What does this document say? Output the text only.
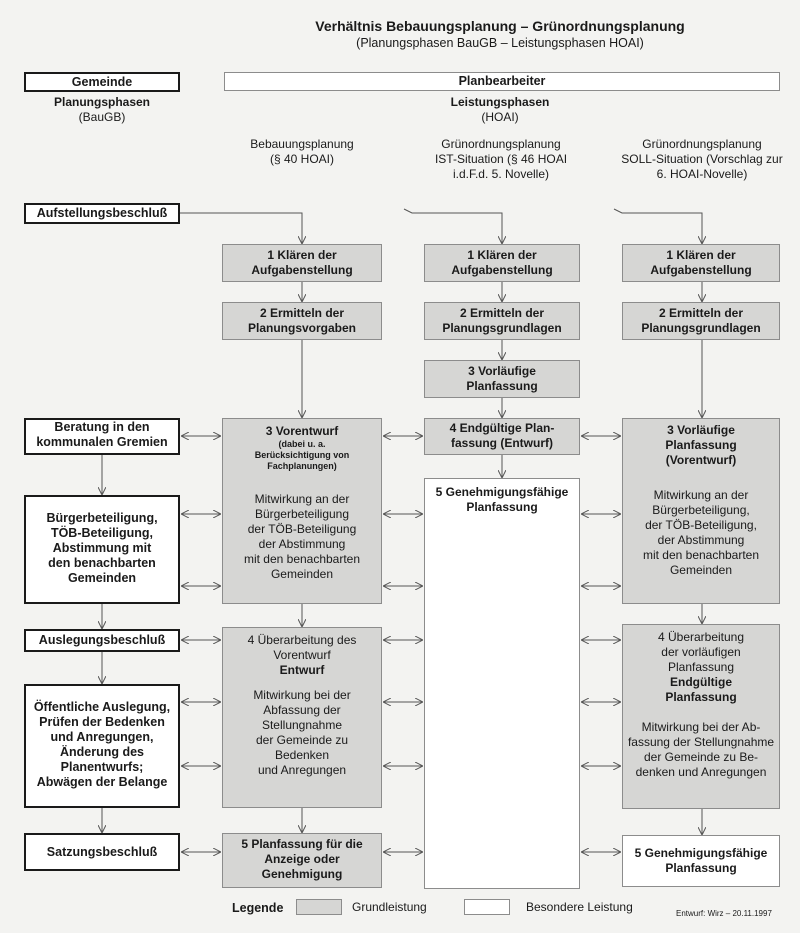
Verhältnis Bebauungsplanung – Grünordnungsplanung
(Planungsphasen BauGB – Leistungsphasen HOAI)
Gemeinde	Planbearbeiter
Planungsphasen
(BauGB)
Leistungsphasen
(HOAI)
Bebauungsplanung
(§ 40 HOAI)
Grünordnungsplanung
IST-Situation (§ 46 HOAI
i.d.F.d. 5. Novelle)
Grünordnungsplanung
SOLL-Situation (Vorschlag zur
6. HOAI-Novelle)
Aufstellungsbeschluß
Beratung in den
kommunalen Gremien
Bürgerbeteiligung,
TÖB-Beteiligung,
Abstimmung mit
den benachbarten
Gemeinden
Auslegungsbeschluß
Öffentliche Auslegung,
Prüfen der Bedenken
und Anregungen,
Änderung des
Planentwurfs;
Abwägen der Belange
Satzungsbeschluß
1 Klären der
Aufgabenstellung
2 Ermitteln der
Planungsvorgaben
3 Vorentwurf
(dabei u. a.
Berücksichtigung von
Fachplanungen)
Mitwirkung an der
Bürgerbeteiligung
der TÖB-Beteiligung
der Abstimmung
mit den benachbarten
Gemeinden
4 Überarbeitung des
Vorentwurf
Entwurf
Mitwirkung bei der
Abfassung der
Stellungnahme
der Gemeinde zu
Bedenken
und Anregungen
5 Planfassung für die
Anzeige oder
Genehmigung
1 Klären der
Aufgabenstellung
2 Ermitteln der
Planungsgrundlagen
3 Vorläufige
Planfassung
4 Endgültige Plan-
fassung (Entwurf)
5 Genehmigungsfähige
Planfassung
1 Klären der
Aufgabenstellung
2 Ermitteln der
Planungsgrundlagen
3 Vorläufige
Planfassung
(Vorentwurf)
Mitwirkung an der
Bürgerbeteiligung,
der TÖB-Beteiligung,
der Abstimmung
mit den benachbarten
Gemeinden
4 Überarbeitung
der vorläufigen
Planfassung
Endgültige
Planfassung
Mitwirkung bei der Ab-
fassung der Stellungnahme
der Gemeinde zu Be-
denken und Anregungen
5 Genehmigungsfähige
Planfassung
Legende	Grundleistung	Besondere Leistung	Entwurf: Wirz – 20.11.1997
